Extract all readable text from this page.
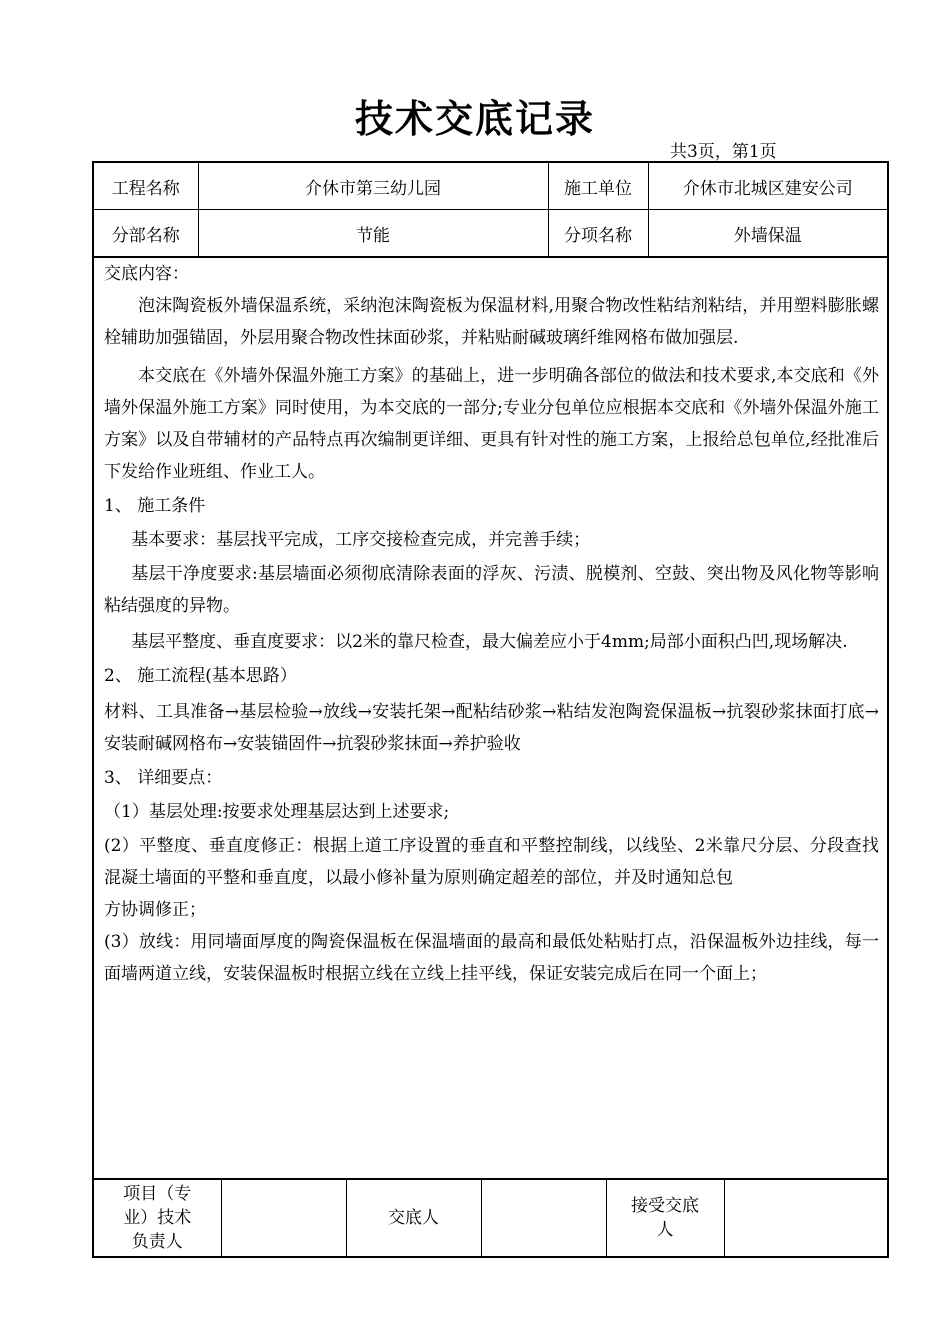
技术交底记录
共3页，第1页
工程名称	介休市第三幼儿园	施工单位	介休市北城区建安公司
分部名称	节能	分项名称	外墙保温

交底内容：

泡沫陶瓷板外墙保温系统，采纳泡沫陶瓷板为保温材料,用聚合物改性粘结剂粘结，并用塑料膨胀螺栓辅助加强锚固，外层用聚合物改性抹面砂浆，并粘贴耐碱玻璃纤维网格布做加强层.

本交底在《外墙外保温外施工方案》的基础上，进一步明确各部位的做法和技术要求,本交底和《外墙外保温外施工方案》同时使用，为本交底的一部分;专业分包单位应根据本交底和《外墙外保温外施工方案》以及自带辅材的产品特点再次编制更详细、更具有针对性的施工方案，上报给总包单位,经批准后下发给作业班组、作业工人。

1、 施工条件

基本要求：基层找平完成，工序交接检查完成，并完善手续；

基层干净度要求:基层墙面必须彻底清除表面的浮灰、污渍、脱模剂、空鼓、突出物及风化物等影响粘结强度的异物。

基层平整度、垂直度要求：以2米的靠尺检查，最大偏差应小于4mm;局部小面积凸凹,现场解决.

2、 施工流程(基本思路）

材料、工具准备→基层检验→放线→安装托架→配粘结砂浆→粘结发泡陶瓷保温板→抗裂砂浆抹面打底→安装耐碱网格布→安装锚固件→抗裂砂浆抹面→养护验收

3、 详细要点：

（1）基层处理:按要求处理基层达到上述要求;

(2）平整度、垂直度修正：根据上道工序设置的垂直和平整控制线，以线坠、2米靠尺分层、分段查找混凝土墙面的平整和垂直度，以最小修补量为原则确定超差的部位，并及时通知总包

方协调修正；

(3）放线：用同墙面厚度的陶瓷保温板在保温墙面的最高和最低处粘贴打点，沿保温板外边挂线，每一面墙两道立线，安装保温板时根据立线在立线上挂平线，保证安装完成后在同一个面上；

项目（专业）技术负责人		交底人		接受交底人	
